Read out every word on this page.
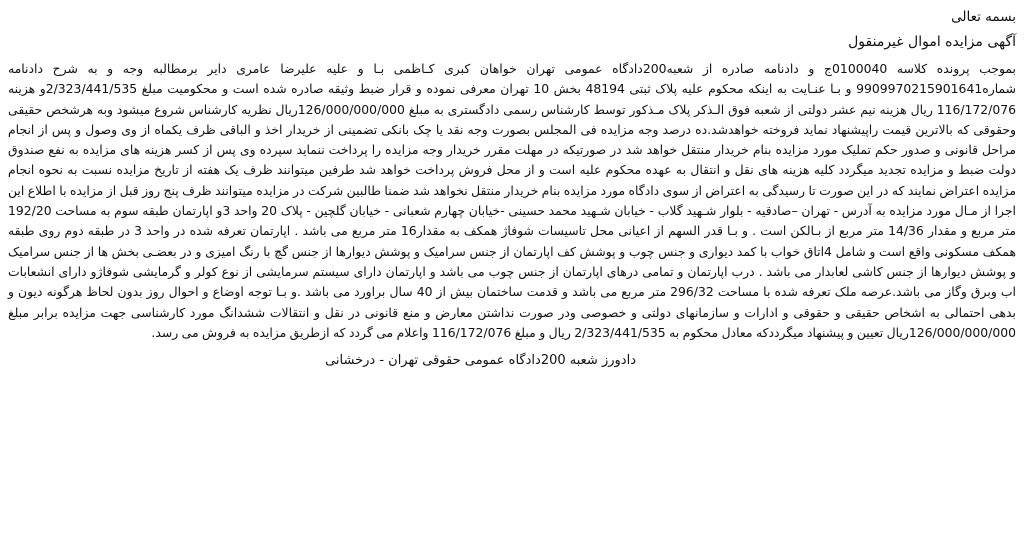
بسمه تعالی

آگهی مزایده اموال غیرمنقول

بموجب پرونده کلاسه 0100040ج و دادنامه صادره از شعبه200دادگاه عمومی تهران خواهان کبری کـاظمی بـا و علیه علیرضا عامری دایر برمطالبه وجه و به شرح دادنامه شماره9909970215901641 و بـا عنـایت به اینکه محکوم علیه پلاک ثبتی 48194 بخش 10 تهران معرفی نموده و قرار ضبط وثیقه صادره شده است و محکومیت مبلغ 2/323/441/535و هزینه 116/172/076 ریال هزینه نیم عشر دولتی از شعبه فوق الـذکر پلاک مـذکور توسط کارشناس رسمی دادگستری به مبلغ 126/000/000/000ریال نظریه کارشناس شروع میشود وبه هرشخص حقیقی وحقوقی که بالاترین قیمت راپیشنهاد نماید فروخته خواهدشد.ده درصد وجه مزایده فی المجلس بصورت وجه نقد یا چک بانکی تضمینی از خریدار اخذ و الباقی ظرف یکماه از وی وصول و پس از انجام مراحل قانونی و صدور حکم تملیک مورد مزایده بنام خریدار منتقل خواهد شد در صورتیکه در مهلت مقرر خریدار وجه مزایده را پرداخت ننماید سپرده وی پس از کسر هزینه های مزایده به نفع صندوق دولت ضبط و مزایده تجدید میگردد کلیه هزینه های نقل و انتقال به عهده محکوم علیه است و از محل فروش پرداخت خواهد شد طرفین میتوانند ظرف یک هفته از تاریخ مزایده نسبت به نحوه انجام مزایده اعتراض نمایند که در این صورت تا رسیدگی به اعتراض از سوی دادگاه مورد مزایده بنام خریدار منتقل نخواهد شد ضمنا طالبین شرکت در مزایده میتوانند ظرف پنج روز قبل از مزایده با اطلاع این اجرا از مـال مورد مزایده به آدرس - تهران –صادقیه - بلوار شـهید گلاب - خیابان شـهید محمد حسینی -خیابان چهارم شعبانی - خیابان گلچین - پلاک 20 واحد 3و اپارتمان طبقه سوم به مساحت 192/20 متر مربع و مقدار 14/36 متر مربع از بـالکن است . و بـا قدر السهم از اعیانی محل تاسیسات شوفاژ همکف به مقدار16 متر مربع می باشد . اپارتمان تعرفه شده در واحد 3 در طبقه دوم روی طبقه همکف مسکونی واقع است و شامل 4اتاق خواب با کمد دیواری و جنس چوب و پوشش کف اپارتمان از جنس سرامیک و پوشش دیوارها از جنس گچ با رنگ امیزی و در بعضـی بخش ها از جنس سرامیک و پوشش دیوارها از جنس کاشی لعابدار می باشد . درب اپارتمان و تمامی درهای اپارتمان از جنس چوب می باشد و اپارتمان دارای سیستم سرمایشی از نوع کولر و گرمایشی شوفاژو دارای انشعابات اب وبرق وگاز می باشد.عرصه ملک تعرفه شده با مساحت 296/32 متر مربع می باشد و قدمت ساختمان بیش از 40 سال براورد می باشد .و بـا توجه اوضاع و احوال روز بدون لحاظ هرگونه دیون و بدهی احتمالی به اشخاص حقیقی و حقوقی و ادارات و سازمانهای دولتی و خصوصی ودر صورت نداشتن معارض و منع قانونی در نقل و انتقالات ششدانگ مورد کارشناسی جهت مزایده برابر مبلغ 126/000/000/000ریال تعیین و پیشنهاد میگرددکه معادل محکوم به 2/323/441/535 ریال و مبلغ 116/172/076 واعلام می گردد که ازطریق مزایده به فروش می رسد.

دادورز شعبه 200دادگاه عمومی حقوقی تهران - درخشانی
